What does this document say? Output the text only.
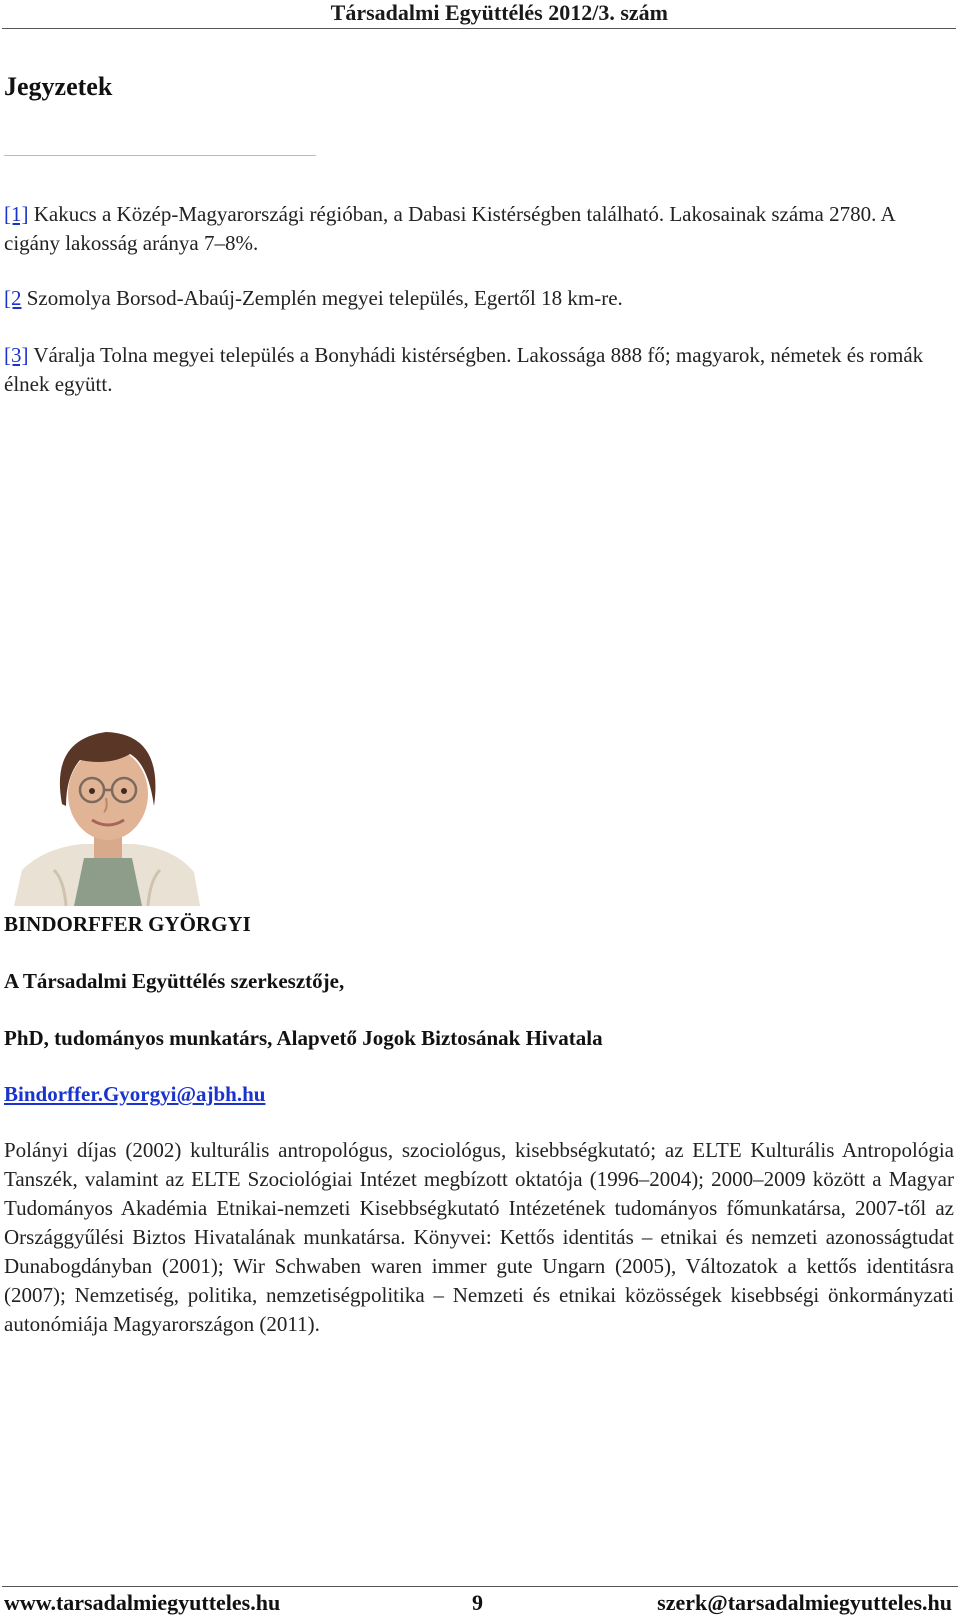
Társadalmi Együttélés 2012/3. szám
Jegyzetek

[1] Kakucs a Közép-Magyarországi régióban, a Dabasi Kistérségben található. Lakosainak száma 2780. A cigány lakosság aránya 7–8%.

[2 Szomolya Borsod-Abaúj-Zemplén megyei település, Egertől 18 km-re.

[3] Váralja Tolna megyei település a Bonyhádi kistérségben. Lakossága 888 fő; magyarok, németek és romák élnek együtt.

BINDORFFER GYÖRGYI

A Társadalmi Együttélés szerkesztője,

PhD, tudományos munkatárs, Alapvető Jogok Biztosának Hivatala

Bindorffer.Gyorgyi@ajbh.hu

Polányi díjas (2002) kulturális antropológus, szociológus, kisebbségkutató; az ELTE Kulturális Antropológia Tanszék, valamint az ELTE Szociológiai Intézet megbízott oktatója (1996–2004); 2000–2009 között a Magyar Tudományos Akadémia Etnikai-nemzeti Kisebbségkutató Intézetének tudományos főmunkatársa, 2007-től az Országgyűlési Biztos Hivatalának munkatársa. Könyvei: Kettős identitás – etnikai és nemzeti azonosságtudat Dunabogdányban (2001); Wir Schwaben waren immer gute Ungarn (2005), Változatok a kettős identitásra (2007); Nemzetiség, politika, nemzetiségpolitika – Nemzeti és etnikai közösségek kisebbségi önkormányzati autonómiája Magyarországon (2011).

www.tarsadalmiegyutteles.hu	9	szerk@tarsadalmiegyutteles.hu
